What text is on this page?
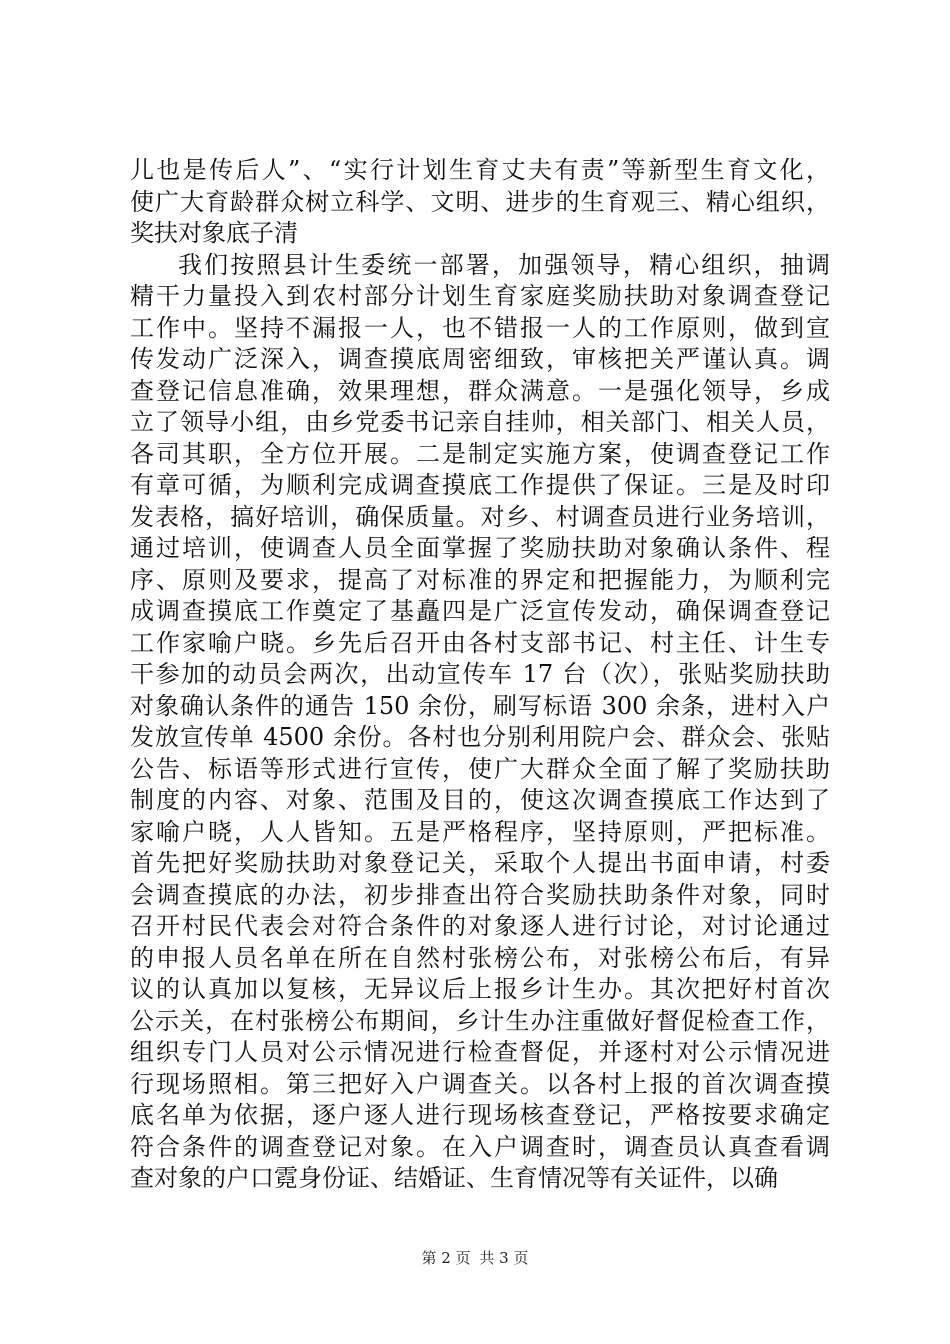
儿也是传后人”、“实行计划生育丈夫有责”等新型生育文化，
使广大育龄群众树立科学、文明、进步的生育观三、精心组织，
奖扶对象底子清
我们按照县计生委统一部署，加强领导，精心组织，抽调
精干力量投入到农村部分计划生育家庭奖励扶助对象调查登记
工作中。坚持不漏报一人，也不错报一人的工作原则，做到宣
传发动广泛深入，调查摸底周密细致，审核把关严谨认真。调
查登记信息准确，效果理想，群众满意。一是强化领导，乡成
立了领导小组，由乡党委书记亲自挂帅，相关部门、相关人员，
各司其职，全方位开展。二是制定实施方案，使调查登记工作
有章可循，为顺利完成调查摸底工作提供了保证。三是及时印
发表格，搞好培训，确保质量。对乡、村调查员进行业务培训，
通过培训，使调查人员全面掌握了奖励扶助对象确认条件、程
序、原则及要求，提高了对标准的界定和把握能力，为顺利完
成调查摸底工作奠定了基矗四是广泛宣传发动，确保调查登记
工作家喻户晓。乡先后召开由各村支部书记、村主任、计生专
干参加的动员会两次，出动宣传车 17 台（次），张贴奖励扶助
对象确认条件的通告 150 余份，刷写标语 300 余条，进村入户
发放宣传单 4500 余份。各村也分别利用院户会、群众会、张贴
公告、标语等形式进行宣传，使广大群众全面了解了奖励扶助
制度的内容、对象、范围及目的，使这次调查摸底工作达到了
家喻户晓，人人皆知。五是严格程序，坚持原则，严把标准。
首先把好奖励扶助对象登记关，采取个人提出书面申请，村委
会调查摸底的办法，初步排查出符合奖励扶助条件对象，同时
召开村民代表会对符合条件的对象逐人进行讨论，对讨论通过
的申报人员名单在所在自然村张榜公布，对张榜公布后，有异
议的认真加以复核，无异议后上报乡计生办。其次把好村首次
公示关，在村张榜公布期间，乡计生办注重做好督促检查工作，
组织专门人员对公示情况进行检查督促，并逐村对公示情况进
行现场照相。第三把好入户调查关。以各村上报的首次调查摸
底名单为依据，逐户逐人进行现场核查登记，严格按要求确定
符合条件的调查登记对象。在入户调查时，调查员认真查看调
查对象的户口霓身份证、结婚证、生育情况等有关证件，以确
第 2 页 共 3 页
